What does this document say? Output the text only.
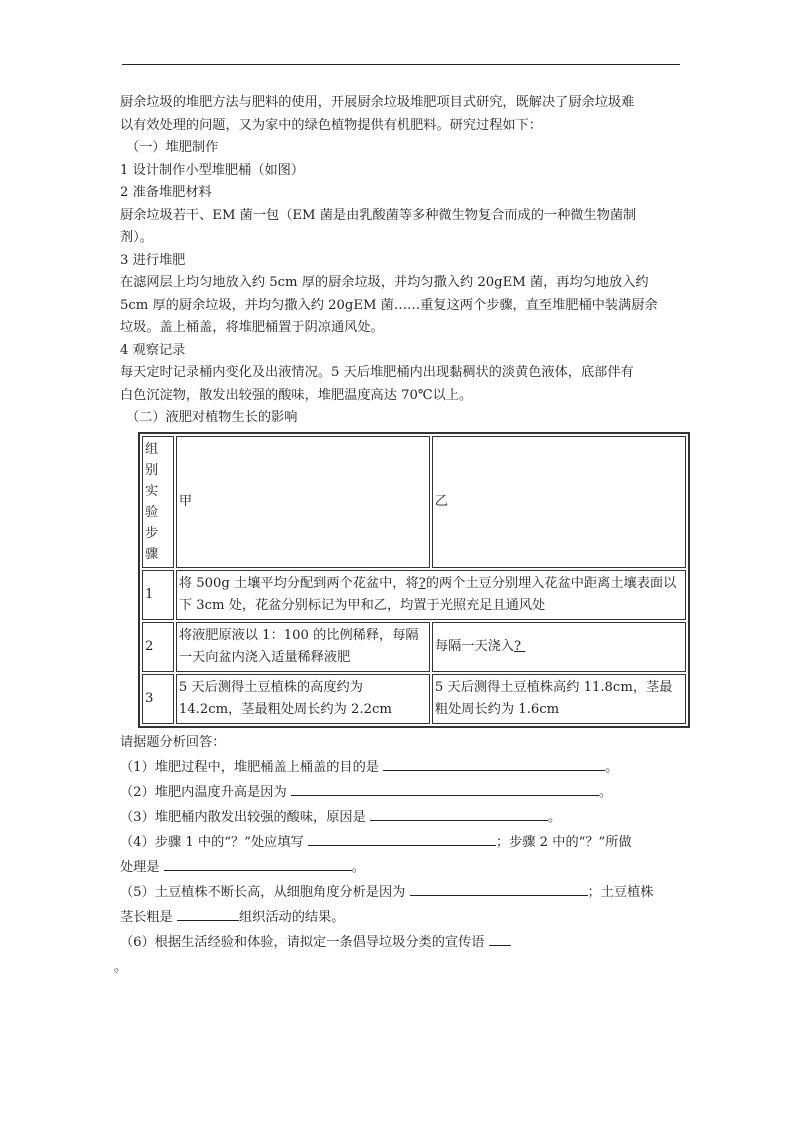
厨余垃圾的堆肥方法与肥料的使用，开展厨余垃圾堆肥项目式研究，既解决了厨余垃圾难

以有效处理的问题，又为家中的绿色植物提供有机肥料。研究过程如下：

（一）堆肥制作

1 设计制作小型堆肥桶（如图）

2 准备堆肥材料

厨余垃圾若干、EM 菌一包（EM 菌是由乳酸菌等多种微生物复合而成的一种微生物菌制

剂）。

3 进行堆肥

在滤网层上均匀地放入约 5cm 厚的厨余垃圾，并均匀撒入约 20gEM 菌，再均匀地放入约

5cm 厚的厨余垃圾，并均匀撒入约 20gEM 菌……重复这两个步骤，直至堆肥桶中装满厨余

垃圾。盖上桶盖，将堆肥桶置于阴凉通风处。

4 观察记录

每天定时记录桶内变化及出液情况。5 天后堆肥桶内出现黏稠状的淡黄色液体，底部伴有

白色沉淀物，散发出较强的酸味，堆肥温度高达 70℃以上。

（二）液肥对植物生长的影响

组别
实验
步骤	甲	乙
1	将 500g 土壤平均分配到两个花盆中，将?的两个土豆分别埋入花盆中距离土壤表面以下 3cm 处，花盆分别标记为甲和乙，均置于光照充足且通风处	
2	将液肥原液以 1：100 的比例稀释，每隔一天向盆内浇入适量稀释液肥	每隔一天浇入?
3	5 天后测得土豆植株的高度约为 14.2cm，茎最粗处周长约为 2.2cm	5 天后测得土豆植株高约 11.8cm，茎最粗处周长约为 1.6cm

请据题分析回答：

（1）堆肥过程中，堆肥桶盖上桶盖的目的是	。

（2）堆肥内温度升高是因为	。

（3）堆肥桶内散发出较强的酸味，原因是	。

（4）步骤 1 中的“？”处应填写	；步骤 2 中的“？”所做

处理是	。

（5）土豆植株不断长高，从细胞角度分析是因为	；土豆植株

茎长粗是	组织活动的结果。

（6）根据生活经验和体验，请拟定一条倡导垃圾分类的宣传语

。
